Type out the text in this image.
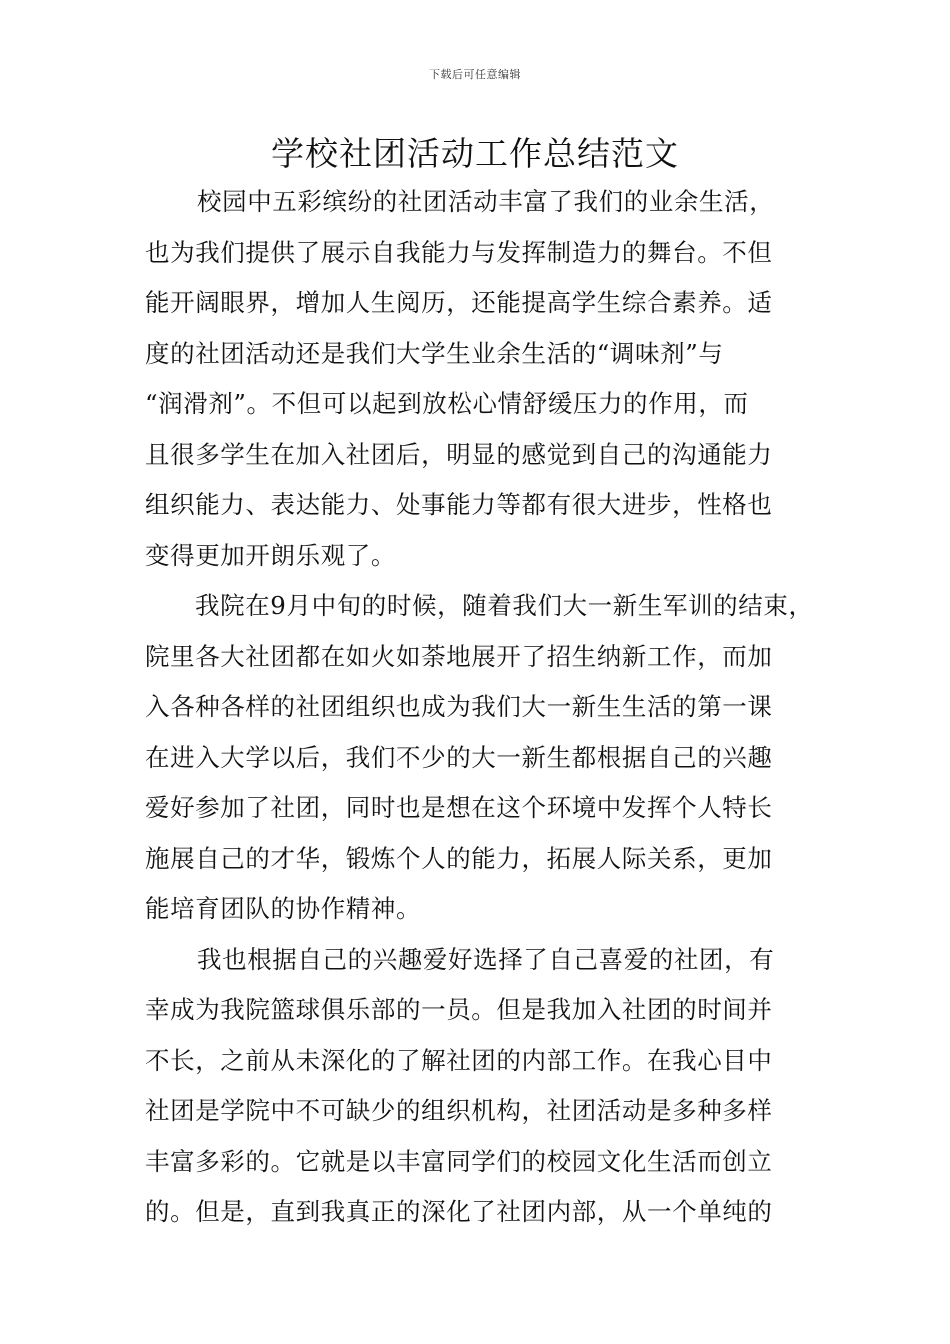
下载后可任意编辑
学校社团活动工作总结范文
校园中五彩缤纷的社团活动丰富了我们的业余生活，
也为我们提供了展示自我能力与发挥制造力的舞台。不但
能开阔眼界，增加人生阅历，还能提高学生综合素养。适
度的社团活动还是我们大学生业余生活的“调味剂”与
“润滑剂”。不但可以起到放松心情舒缓压力的作用，而
且很多学生在加入社团后，明显的感觉到自己的沟通能力
组织能力、表达能力、处事能力等都有很大进步，性格也
变得更加开朗乐观了。
我院在9月中旬的时候，随着我们大一新生军训的结束，
院里各大社团都在如火如荼地展开了招生纳新工作，而加
入各种各样的社团组织也成为我们大一新生生活的第一课
在进入大学以后，我们不少的大一新生都根据自己的兴趣
爱好参加了社团，同时也是想在这个环境中发挥个人特长
施展自己的才华，锻炼个人的能力，拓展人际关系，更加
能培育团队的协作精神。
我也根据自己的兴趣爱好选择了自己喜爱的社团，有
幸成为我院篮球俱乐部的一员。但是我加入社团的时间并
不长，之前从未深化的了解社团的内部工作。在我心目中
社团是学院中不可缺少的组织机构，社团活动是多种多样
丰富多彩的。它就是以丰富同学们的校园文化生活而创立
的。但是，直到我真正的深化了社团内部，从一个单纯的
